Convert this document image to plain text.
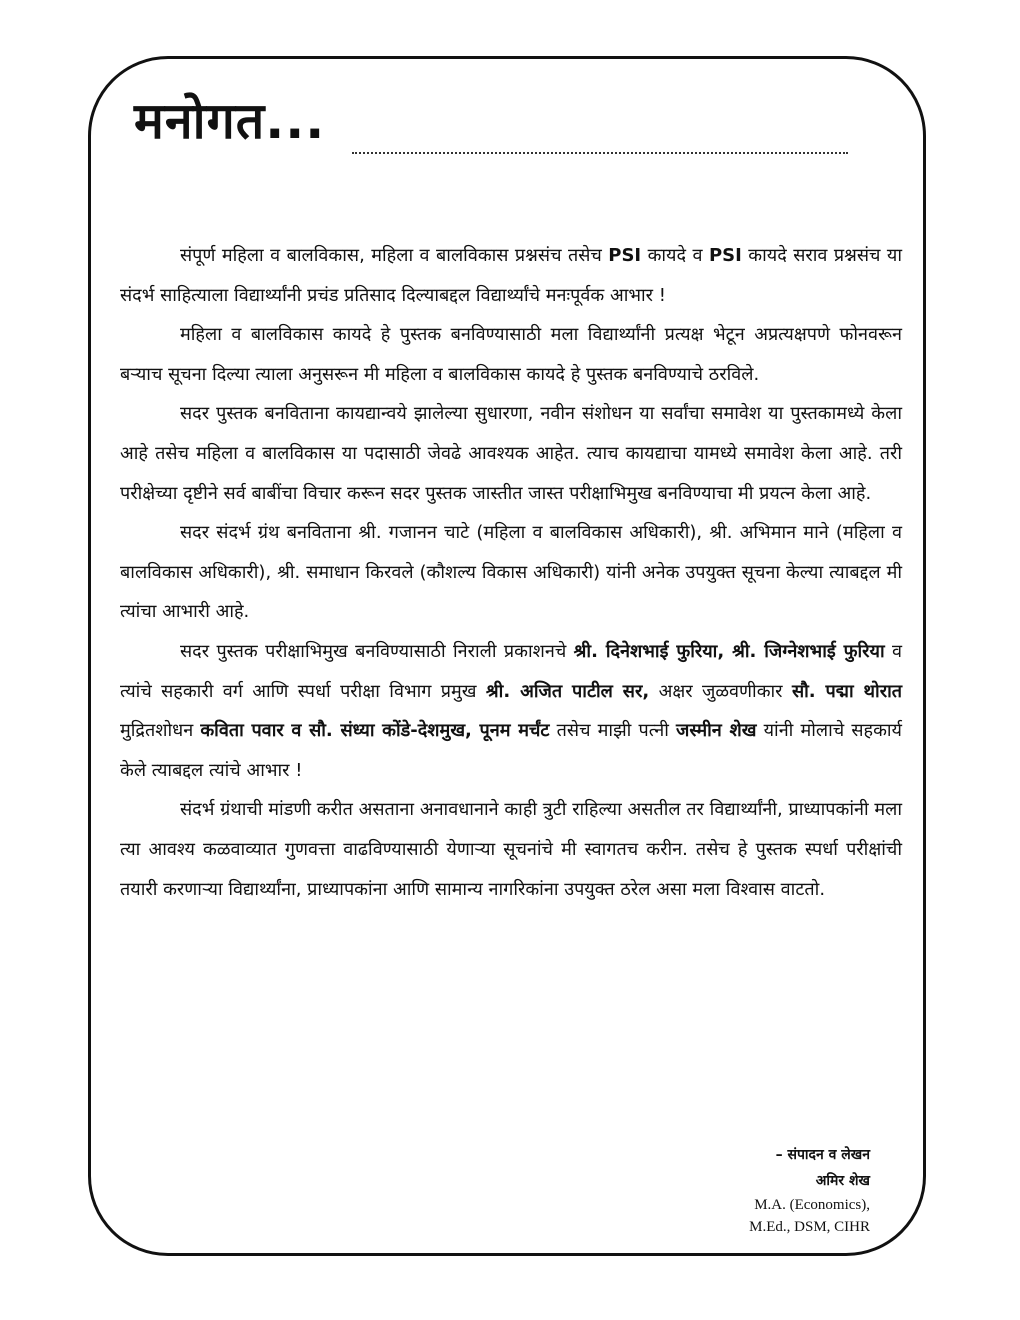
मनोगत...

संपूर्ण महिला व बालविकास, महिला व बालविकास प्रश्नसंच तसेच PSI कायदे व PSI कायदे सराव प्रश्नसंच या संदर्भ साहित्याला विद्यार्थ्यांनी प्रचंड प्रतिसाद दिल्याबद्दल विद्यार्थ्यांचे मनःपूर्वक आभार !

महिला व बालविकास कायदे हे पुस्तक बनविण्यासाठी मला विद्यार्थ्यांनी प्रत्यक्ष भेटून अप्रत्यक्षपणे फोनवरून बऱ्याच सूचना दिल्या त्याला अनुसरून मी महिला व बालविकास कायदे हे पुस्तक बनविण्याचे ठरविले.

सदर पुस्तक बनविताना कायद्यान्वये झालेल्या सुधारणा, नवीन संशोधन या सर्वांचा समावेश या पुस्तकामध्ये केला आहे तसेच महिला व बालविकास या पदासाठी जेवढे आवश्यक आहेत. त्याच कायद्याचा यामध्ये समावेश केला आहे. तरी परीक्षेच्या दृष्टीने सर्व बाबींचा विचार करून सदर पुस्तक जास्तीत जास्त परीक्षाभिमुख बनविण्याचा मी प्रयत्न केला आहे.

सदर संदर्भ ग्रंथ बनविताना श्री. गजानन चाटे (महिला व बालविकास अधिकारी), श्री. अभिमान माने (महिला व बालविकास अधिकारी), श्री. समाधान किरवले (कौशल्य विकास अधिकारी) यांनी अनेक उपयुक्त सूचना केल्या त्याबद्दल मी त्यांचा आभारी आहे.

सदर पुस्तक परीक्षाभिमुख बनविण्यासाठी निराली प्रकाशनचे श्री. दिनेशभाई फुरिया, श्री. जिग्नेशभाई फुरिया व त्यांचे सहकारी वर्ग आणि स्पर्धा परीक्षा विभाग प्रमुख श्री. अजित पाटील सर, अक्षर जुळवणीकार सौ. पद्मा थोरात मुद्रितशोधन कविता पवार व सौ. संध्या कोंडे-देशमुख, पूनम मर्चंट तसेच माझी पत्नी जस्मीन शेख यांनी मोलाचे सहकार्य केले त्याबद्दल त्यांचे आभार !

संदर्भ ग्रंथाची मांडणी करीत असताना अनावधानाने काही त्रुटी राहिल्या असतील तर विद्यार्थ्यांनी, प्राध्यापकांनी मला त्या आवश्य कळवाव्यात गुणवत्ता वाढविण्यासाठी येणाऱ्या सूचनांचे मी स्वागतच करीन. तसेच हे पुस्तक स्पर्धा परीक्षांची तयारी करणाऱ्या विद्यार्थ्यांना, प्राध्यापकांना आणि सामान्य नागरिकांना उपयुक्त ठरेल असा मला विश्वास वाटतो.

– संपादन व लेखन
अमिर शेख
M.A. (Economics),
M.Ed., DSM, CIHR
